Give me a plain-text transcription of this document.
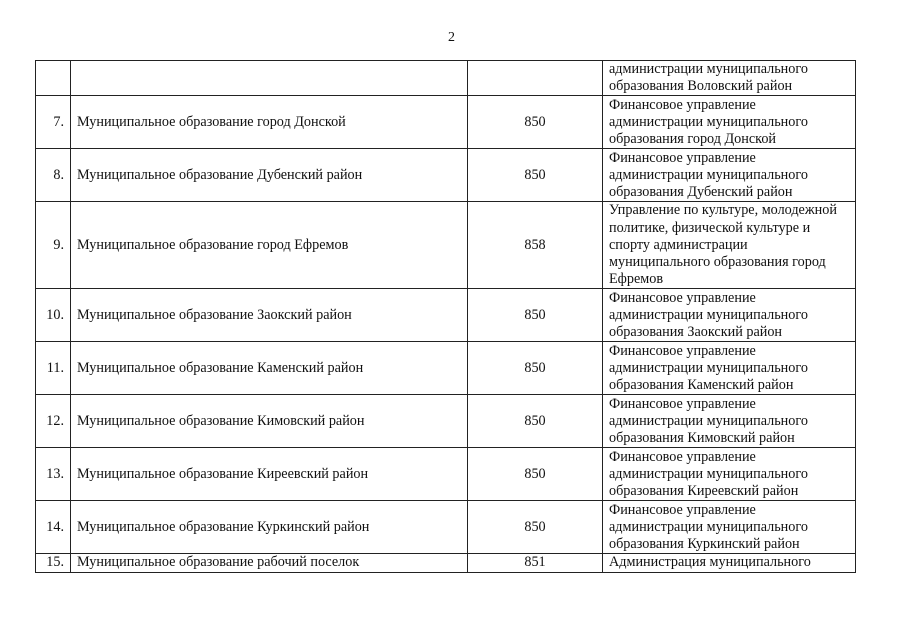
2
			администрации муниципального образования Воловский район
7.	Муниципальное образование город Донской	850	Финансовое управление администрации муниципального образования город Донской
8.	Муниципальное образование Дубенский район	850	Финансовое управление администрации муниципального образования Дубенский район
9.	Муниципальное образование город Ефремов	858	Управление по культуре, молодежной политике, физической культуре и спорту администрации муниципального образования город Ефремов
10.	Муниципальное образование Заокский район	850	Финансовое управление администрации муниципального образования Заокский район
11.	Муниципальное образование Каменский район	850	Финансовое управление администрации муниципального образования Каменский район
12.	Муниципальное образование Кимовский район	850	Финансовое управление администрации муниципального образования Кимовский район
13.	Муниципальное образование Киреевский район	850	Финансовое управление администрации муниципального образования Киреевский район
14.	Муниципальное образование Куркинский район	850	Финансовое управление администрации муниципального образования Куркинский район
15.	Муниципальное образование рабочий поселок	851	Администрация муниципального
